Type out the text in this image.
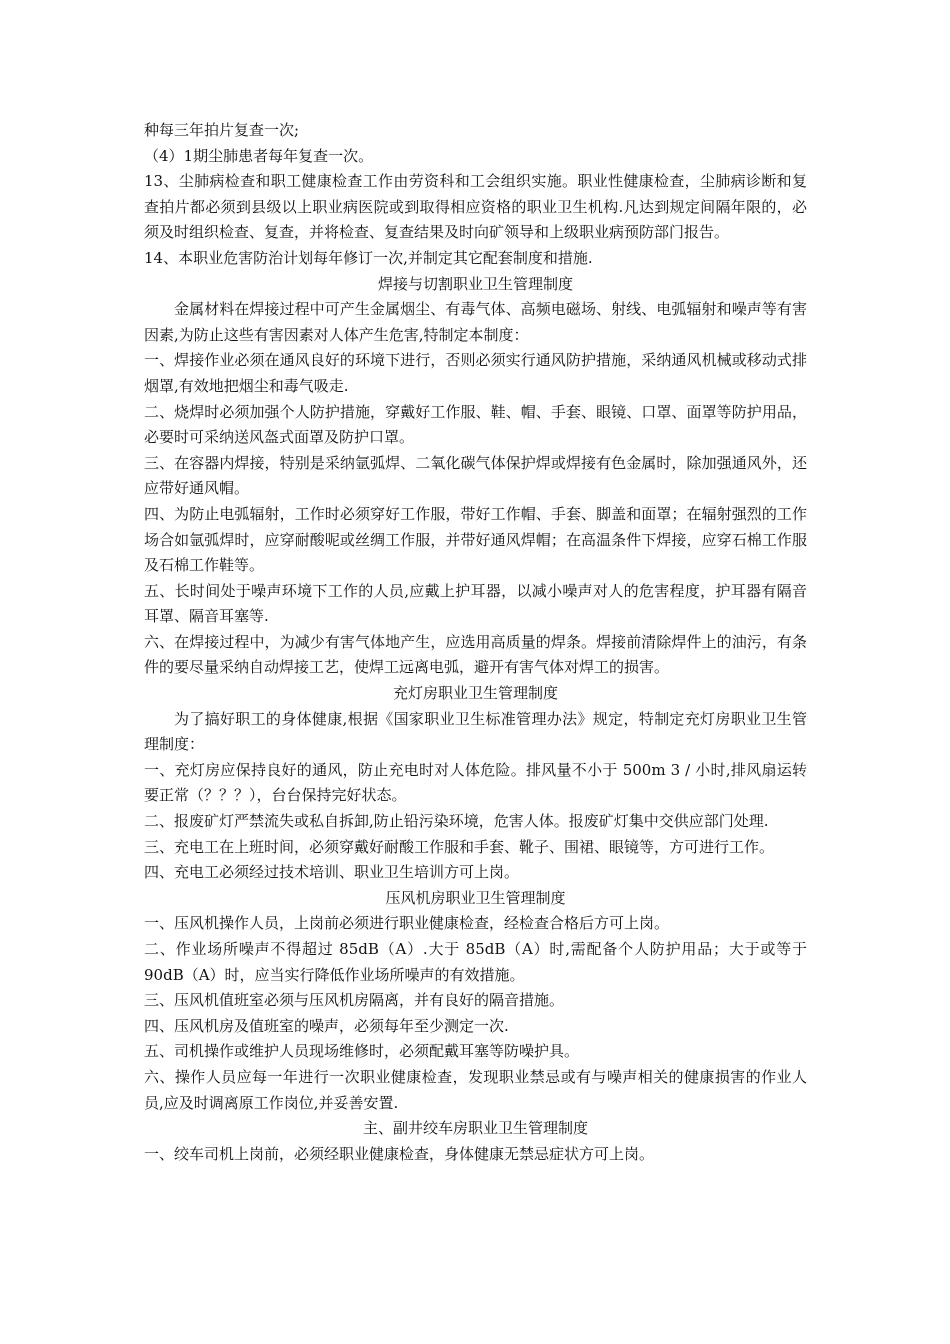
种每三年拍片复查一次;

（4）1期尘肺患者每年复查一次。

13、尘肺病检查和职工健康检查工作由劳资科和工会组织实施。职业性健康检查，尘肺病诊断和复查拍片都必须到县级以上职业病医院或到取得相应资格的职业卫生机构.凡达到规定间隔年限的，必须及时组织检查、复查，并将检查、复查结果及时向矿领导和上级职业病预防部门报告。

14、本职业危害防治计划每年修订一次,并制定其它配套制度和措施.

焊接与切割职业卫生管理制度

金属材料在焊接过程中可产生金属烟尘、有毒气体、高频电磁场、射线、电弧辐射和噪声等有害因素,为防止这些有害因素对人体产生危害,特制定本制度：

一、焊接作业必须在通风良好的环境下进行，否则必须实行通风防护措施，采纳通风机械或移动式排烟罩,有效地把烟尘和毒气吸走.

二、烧焊时必须加强个人防护措施，穿戴好工作服、鞋、帽、手套、眼镜、口罩、面罩等防护用品，必要时可采纳送风盔式面罩及防护口罩。

三、在容器内焊接，特别是采纳氩弧焊、二氧化碳气体保护焊或焊接有色金属时，除加强通风外，还应带好通风帽。

四、为防止电弧辐射，工作时必须穿好工作服，带好工作帽、手套、脚盖和面罩；在辐射强烈的工作场合如氩弧焊时，应穿耐酸呢或丝绸工作服，并带好通风焊帽；在高温条件下焊接，应穿石棉工作服及石棉工作鞋等。

五、长时间处于噪声环境下工作的人员,应戴上护耳器，以减小噪声对人的危害程度，护耳器有隔音耳罩、隔音耳塞等.

六、在焊接过程中，为减少有害气体地产生，应选用高质量的焊条。焊接前清除焊件上的油污，有条件的要尽量采纳自动焊接工艺，使焊工远离电弧，避开有害气体对焊工的损害。

充灯房职业卫生管理制度

为了搞好职工的身体健康,根据《国家职业卫生标准管理办法》规定，特制定充灯房职业卫生管理制度：

一、充灯房应保持良好的通风，防止充电时对人体危险。排风量不小于 500m 3 / 小时,排风扇运转要正常（？？？），台台保持完好状态。

二、报废矿灯严禁流失或私自拆卸,防止铅污染环境，危害人体。报废矿灯集中交供应部门处理.

三、充电工在上班时间，必须穿戴好耐酸工作服和手套、靴子、围裙、眼镜等，方可进行工作。

四、充电工必须经过技术培训、职业卫生培训方可上岗。

压风机房职业卫生管理制度

一、压风机操作人员，上岗前必须进行职业健康检查，经检查合格后方可上岗。

二、作业场所噪声不得超过 85dB（A）.大于 85dB（A）时,需配备个人防护用品；大于或等于 90dB（A）时，应当实行降低作业场所噪声的有效措施。

三、压风机值班室必须与压风机房隔离，并有良好的隔音措施。

四、压风机房及值班室的噪声，必须每年至少测定一次.

五、司机操作或维护人员现场维修时，必须配戴耳塞等防噪护具。

六、操作人员应每一年进行一次职业健康检查，发现职业禁忌或有与噪声相关的健康损害的作业人员,应及时调离原工作岗位,并妥善安置.

主、副井绞车房职业卫生管理制度

一、绞车司机上岗前，必须经职业健康检查，身体健康无禁忌症状方可上岗。
